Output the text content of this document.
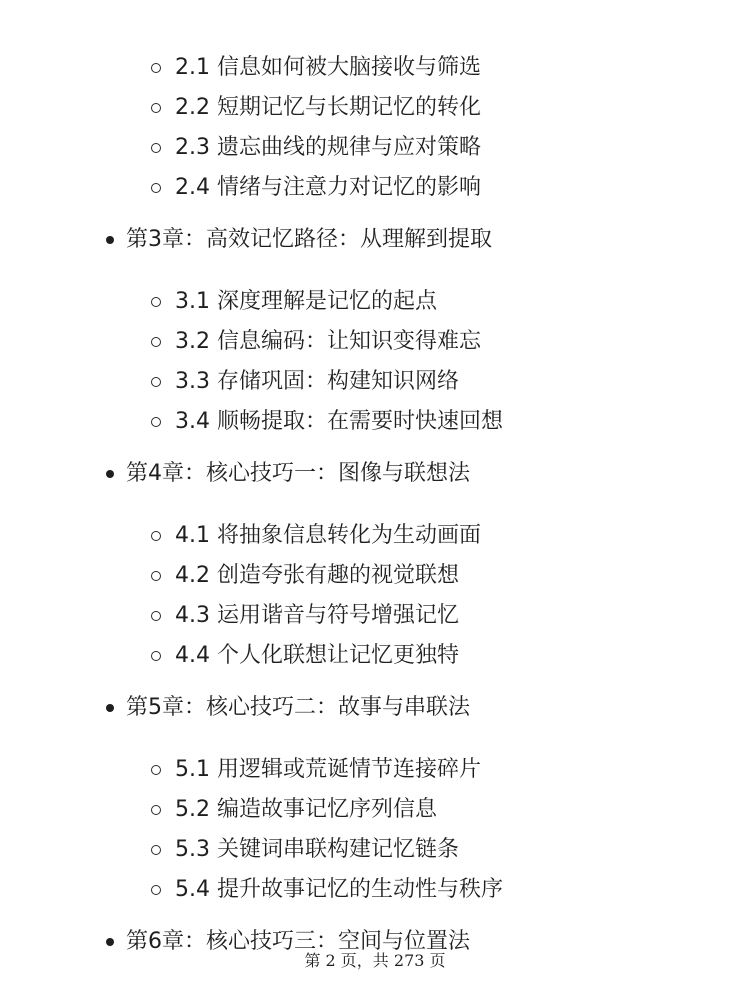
2.1 信息如何被大脑接收与筛选
2.2 短期记忆与长期记忆的转化
2.3 遗忘曲线的规律与应对策略
2.4 情绪与注意力对记忆的影响
第3章：高效记忆路径：从理解到提取
3.1 深度理解是记忆的起点
3.2 信息编码：让知识变得难忘
3.3 存储巩固：构建知识网络
3.4 顺畅提取：在需要时快速回想
第4章：核心技巧一：图像与联想法
4.1 将抽象信息转化为生动画面
4.2 创造夸张有趣的视觉联想
4.3 运用谐音与符号增强记忆
4.4 个人化联想让记忆更独特
第5章：核心技巧二：故事与串联法
5.1 用逻辑或荒诞情节连接碎片
5.2 编造故事记忆序列信息
5.3 关键词串联构建记忆链条
5.4 提升故事记忆的生动性与秩序
第6章：核心技巧三：空间与位置法
第 2 页，共 273 页
